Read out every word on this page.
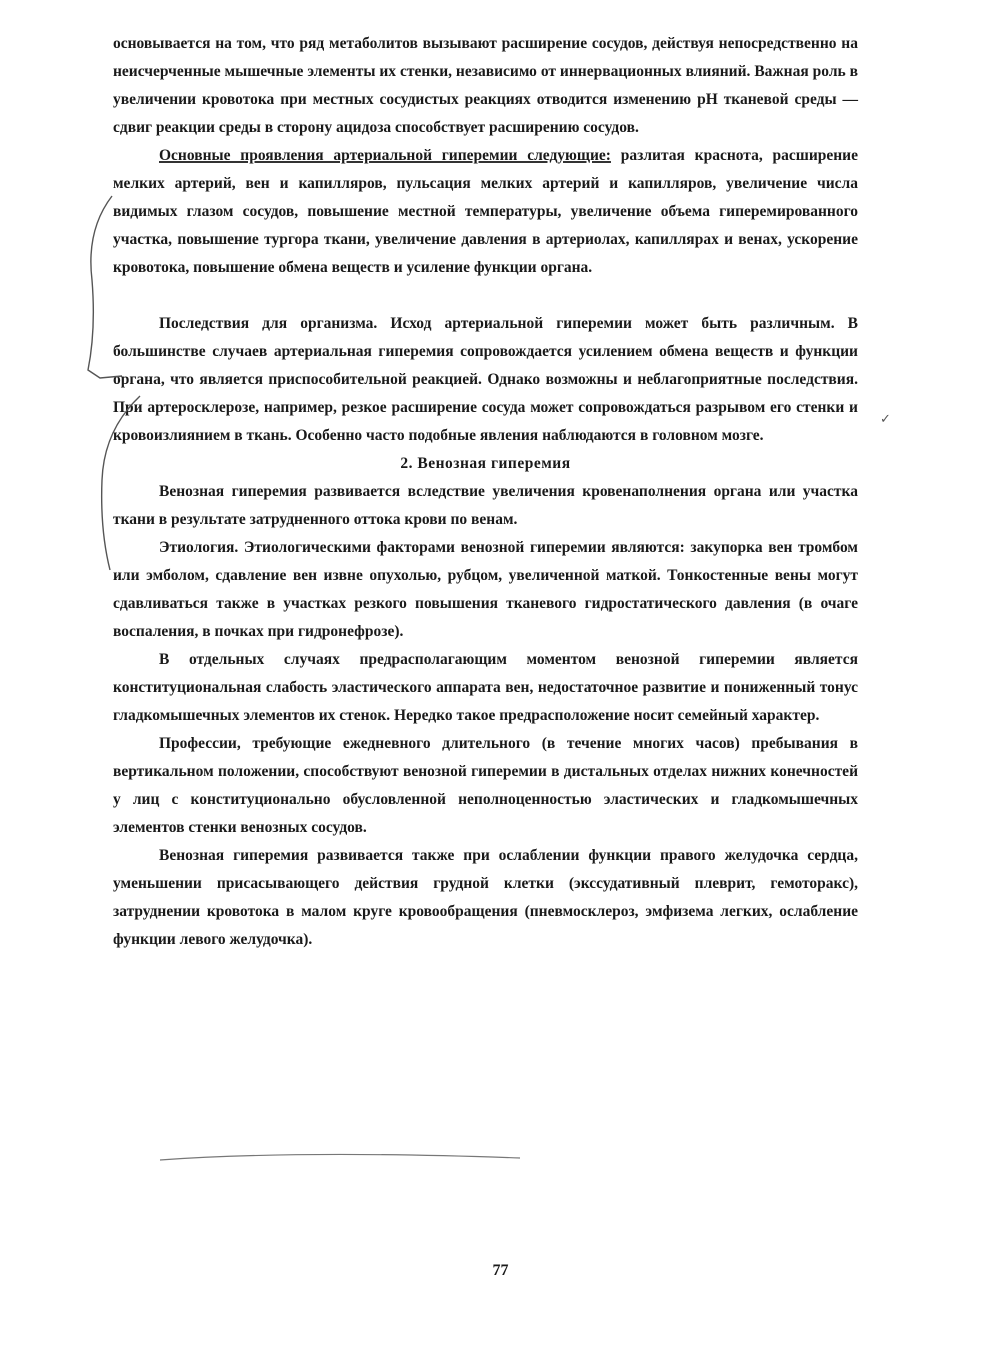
основывается на том, что ряд метаболитов вызывают расширение сосудов, действуя непосредственно на неисчерченные мышечные элементы их стенки, независимо от иннервационных влияний. Важная роль в увеличении кровотока при местных сосудистых реакциях отводится изменению pH тканевой среды — сдвиг реакции среды в сторону ацидоза способствует расширению сосудов.

Основные проявления артериальной гиперемии следующие: разлитая краснота, расширение мелких артерий, вен и капилляров, пульсация мелких артерий и капилляров, увеличение числа видимых глазом сосудов, повышение местной температуры, увеличение объема гиперемированного участка, повышение тургора ткани, увеличение давления в артериолах, капиллярах и венах, ускорение кровотока, повышение обмена веществ и усиление функции органа.

Последствия для организма. Исход артериальной гиперемии может быть различным. В большинстве случаев артериальная гиперемия сопровождается усилением обмена веществ и функции органа, что является приспособительной реакцией. Однако возможны и неблагоприятные последствия. При артеросклерозе, например, резкое расширение сосуда может сопровождаться разрывом его стенки и кровоизлиянием в ткань. Особенно часто подобные явления наблюдаются в головном мозге.

2. Венозная гиперемия

Венозная гиперемия развивается вследствие увеличения кровенаполнения органа или участка ткани в результате затрудненного оттока крови по венам.

Этиология. Этиологическими факторами венозной гиперемии являются: закупорка вен тромбом или эмболом, сдавление вен извне опухолью, рубцом, увеличенной маткой. Тонкостенные вены могут сдавливаться также в участках резкого повышения тканевого гидростатического давления (в очаге воспаления, в почках при гидронефрозе).

В отдельных случаях предрасполагающим моментом венозной гиперемии является конституциональная слабость эластического аппарата вен, недостаточное развитие и пониженный тонус гладкомышечных элементов их стенок. Нередко такое предрасположение носит семейный характер.

Профессии, требующие ежедневного длительного (в течение многих часов) пребывания в вертикальном положении, способствуют венозной гиперемии в дистальных отделах нижних конечностей у лиц с конституционально обусловленной неполноценностью эластических и гладкомышечных элементов стенки венозных сосудов.

Венозная гиперемия развивается также при ослаблении функции правого желудочка сердца, уменьшении присасывающего действия грудной клетки (экссудативный плеврит, гемоторакс), затруднении кровотока в малом круге кровообращения (пневмосклероз, эмфизема легких, ослабление функции левого желудочка).

77
✓
